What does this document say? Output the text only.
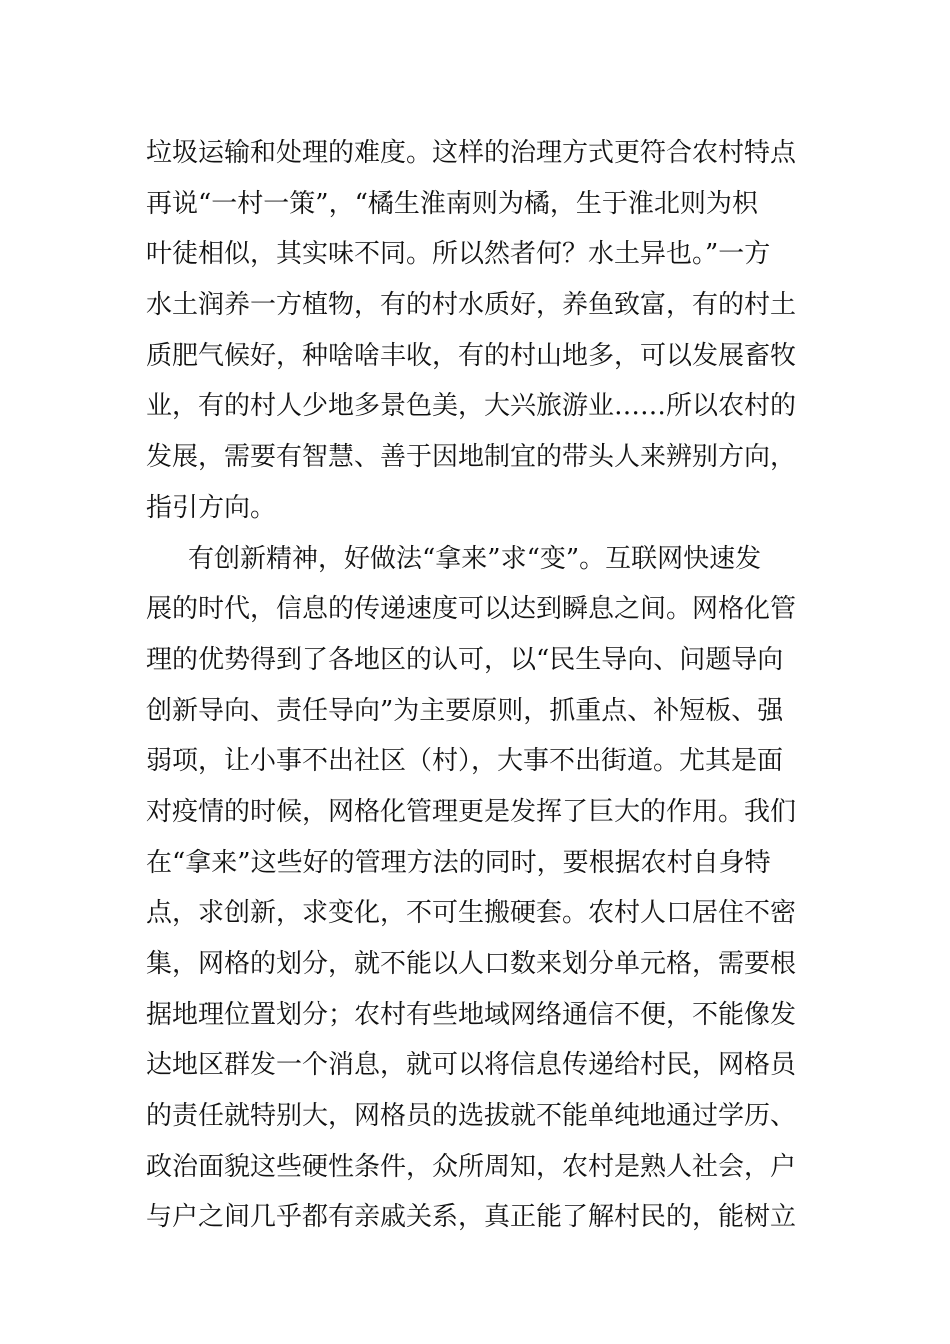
垃圾运输和处理的难度。这样的治理方式更符合农村特点
再说“一村一策”，“橘生淮南则为橘，生于淮北则为枳
叶徒相似，其实味不同。所以然者何？水土异也。”一方
水土润养一方植物，有的村水质好，养鱼致富，有的村土
质肥气候好，种啥啥丰收，有的村山地多，可以发展畜牧
业，有的村人少地多景色美，大兴旅游业……所以农村的
发展，需要有智慧、善于因地制宜的带头人来辨别方向，
指引方向。
有创新精神，好做法“拿来”求“变”。互联网快速发
展的时代，信息的传递速度可以达到瞬息之间。网格化管
理的优势得到了各地区的认可，以“民生导向、问题导向
创新导向、责任导向”为主要原则，抓重点、补短板、强
弱项，让小事不出社区（村），大事不出街道。尤其是面
对疫情的时候，网格化管理更是发挥了巨大的作用。我们
在“拿来”这些好的管理方法的同时，要根据农村自身特
点，求创新，求变化，不可生搬硬套。农村人口居住不密
集，网格的划分，就不能以人口数来划分单元格，需要根
据地理位置划分；农村有些地域网络通信不便，不能像发
达地区群发一个消息，就可以将信息传递给村民，网格员
的责任就特别大，网格员的选拔就不能单纯地通过学历、
政治面貌这些硬性条件，众所周知，农村是熟人社会，户
与户之间几乎都有亲戚关系，真正能了解村民的，能树立
